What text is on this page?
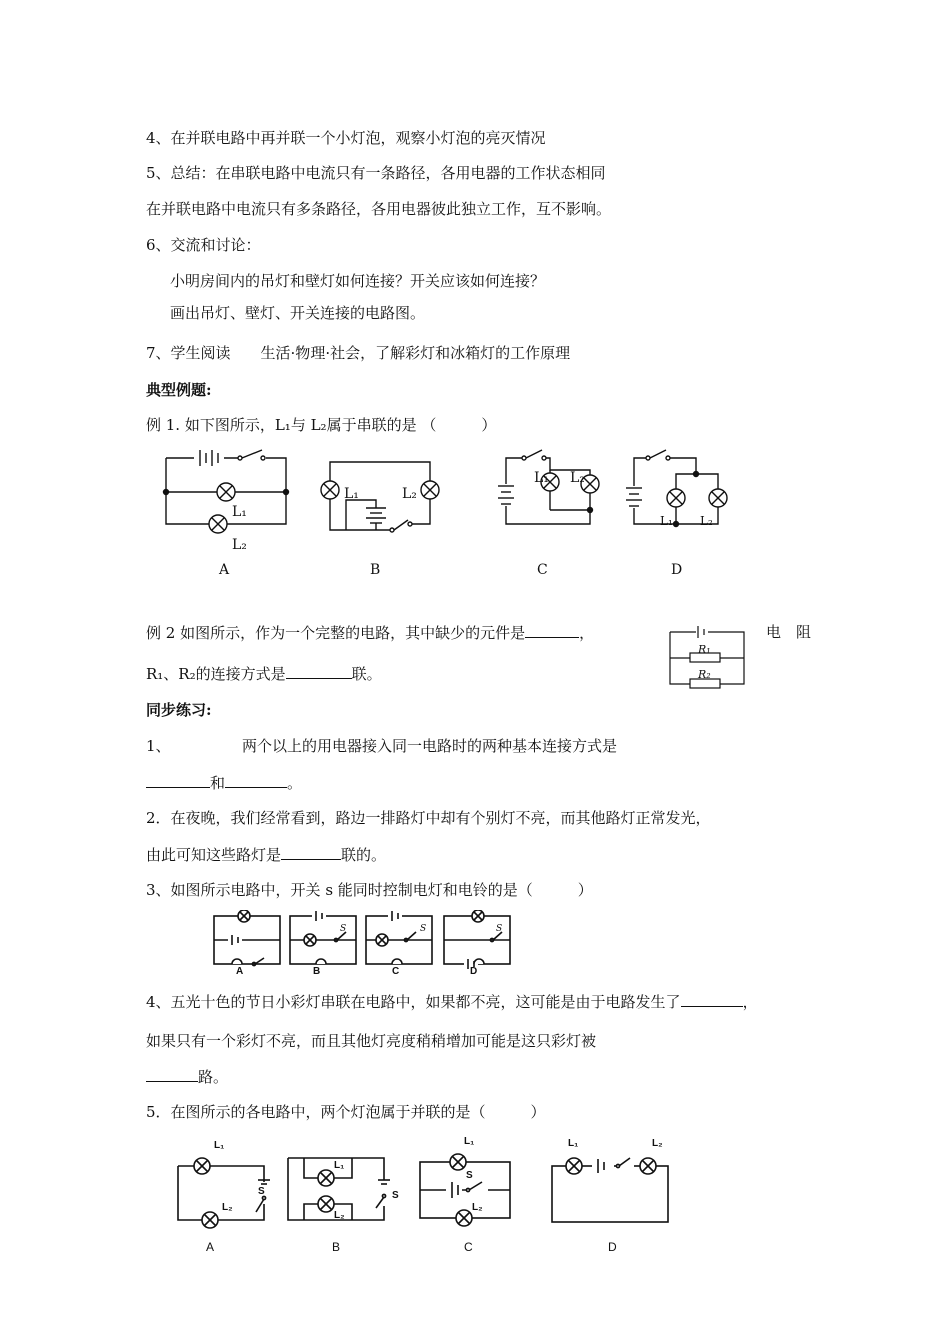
4、在并联电路中再并联一个小灯泡，观察小灯泡的亮灭情况
5、总结：在串联电路中电流只有一条路径，各用电器的工作状态相同
在并联电路中电流只有多条路径，各用电器彼此独立工作，互不影响。
6、交流和讨论：
小明房间内的吊灯和壁灯如何连接？开关应该如何连接？
画出吊灯、壁灯、开关连接的电路图。
7、学生阅读　　生活·物理·社会，了解彩灯和冰箱灯的工作原理
典型例题:
例 1. 如下图所示，L₁与 L₂属于串联的是 （　　　）
L₁
L₂
L₁	L₂
L₁ L₂
L₁ L₂
A	B	C	D
例 2 如图所示，作为一个完整的电路，其中缺少的元件是	，	电　阻
R₁、R₂的连接方式是	联。
R₁
R₂
同步练习:
1、	两个以上的用电器接入同一电路时的两种基本连接方式是
和	。
2．在夜晚，我们经常看到，路边一排路灯中却有个别灯不亮，而其他路灯正常发光，
由此可知这些路灯是	联的。
3、如图所示电路中，开关 s 能同时控制电灯和电铃的是（　　　）
A	B	C	D
S	S	S
4、五光十色的节日小彩灯串联在电路中，如果都不亮，这可能是由于电路发生了	，
如果只有一个彩灯不亮，而且其他灯亮度稍稍增加可能是这只彩灯被
路。
5．在图所示的各电路中，两个灯泡属于并联的是（　　　）
L₁
L₂
S
L₁
L₂
S
L₁
L₂
S
L₁	L₂
A	B	C	D
